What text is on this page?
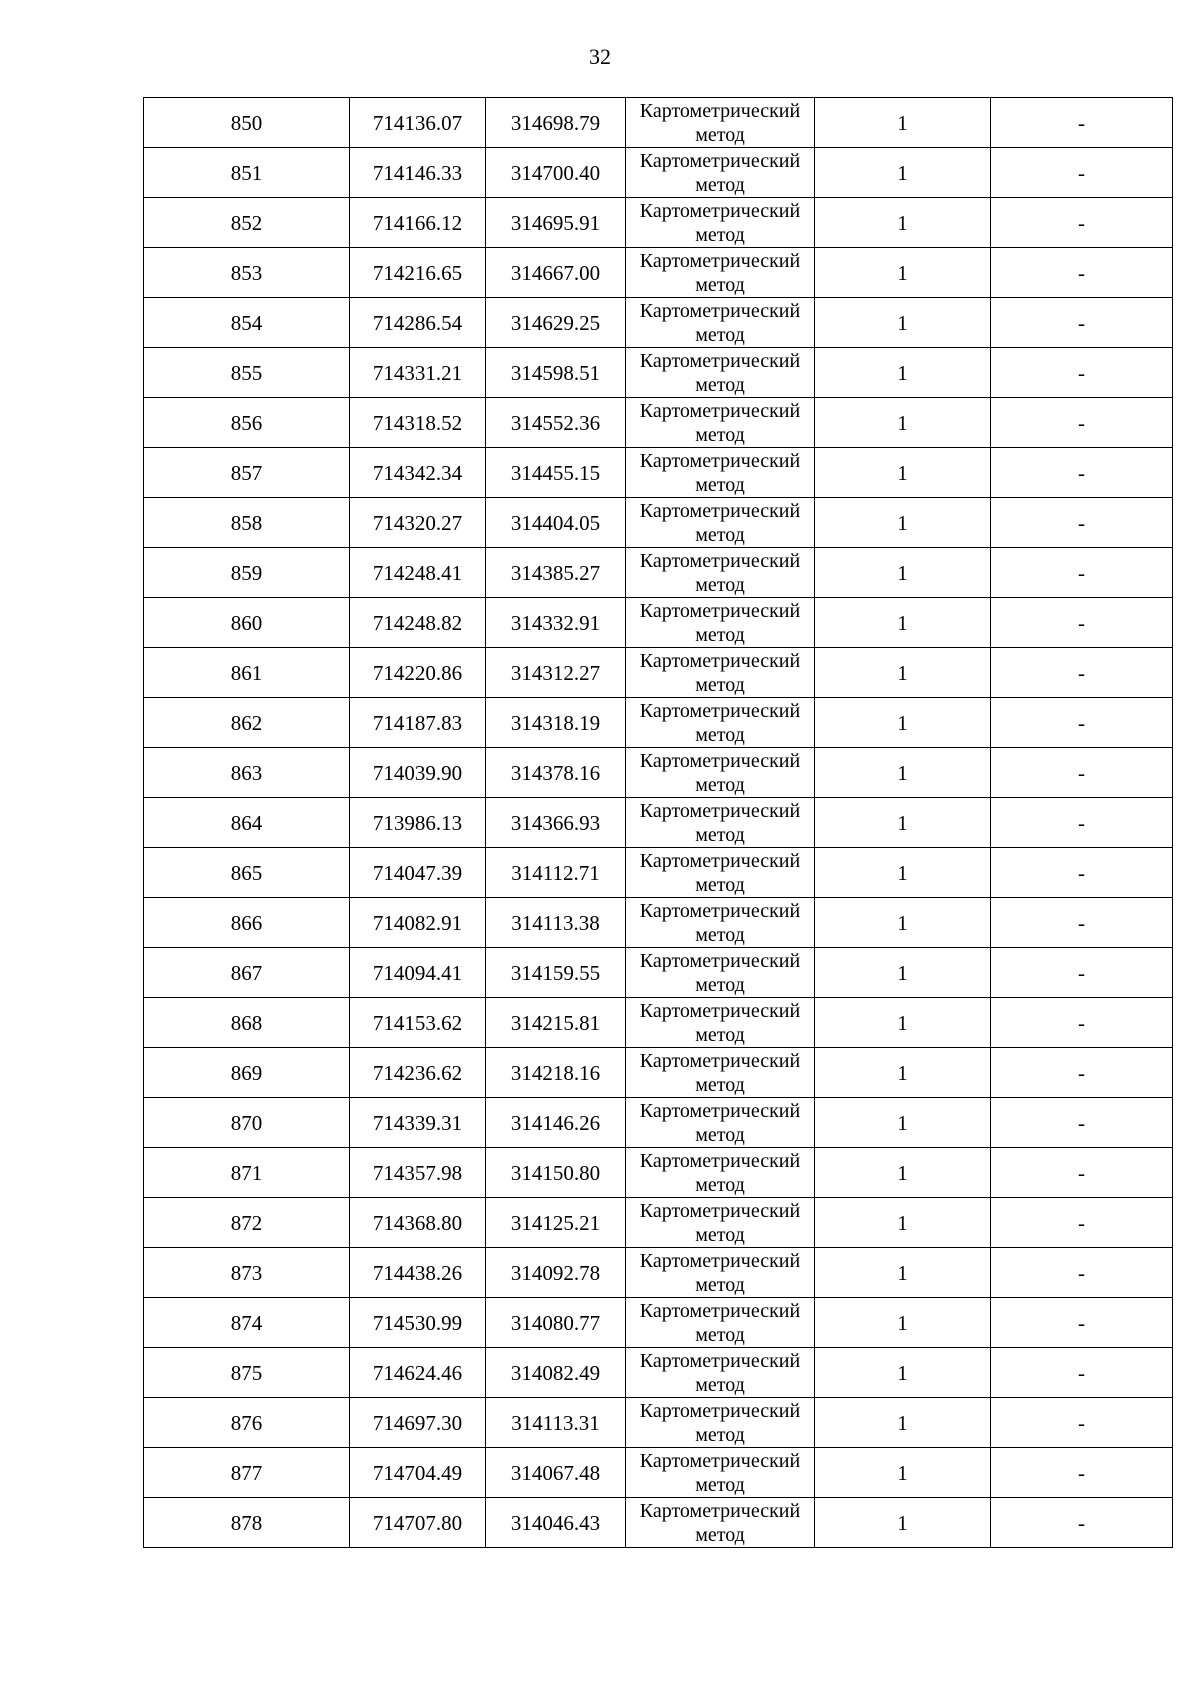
32
850	714136.07	314698.79	Картометрический метод	1	-
851	714146.33	314700.40	Картометрический метод	1	-
852	714166.12	314695.91	Картометрический метод	1	-
853	714216.65	314667.00	Картометрический метод	1	-
854	714286.54	314629.25	Картометрический метод	1	-
855	714331.21	314598.51	Картометрический метод	1	-
856	714318.52	314552.36	Картометрический метод	1	-
857	714342.34	314455.15	Картометрический метод	1	-
858	714320.27	314404.05	Картометрический метод	1	-
859	714248.41	314385.27	Картометрический метод	1	-
860	714248.82	314332.91	Картометрический метод	1	-
861	714220.86	314312.27	Картометрический метод	1	-
862	714187.83	314318.19	Картометрический метод	1	-
863	714039.90	314378.16	Картометрический метод	1	-
864	713986.13	314366.93	Картометрический метод	1	-
865	714047.39	314112.71	Картометрический метод	1	-
866	714082.91	314113.38	Картометрический метод	1	-
867	714094.41	314159.55	Картометрический метод	1	-
868	714153.62	314215.81	Картометрический метод	1	-
869	714236.62	314218.16	Картометрический метод	1	-
870	714339.31	314146.26	Картометрический метод	1	-
871	714357.98	314150.80	Картометрический метод	1	-
872	714368.80	314125.21	Картометрический метод	1	-
873	714438.26	314092.78	Картометрический метод	1	-
874	714530.99	314080.77	Картометрический метод	1	-
875	714624.46	314082.49	Картометрический метод	1	-
876	714697.30	314113.31	Картометрический метод	1	-
877	714704.49	314067.48	Картометрический метод	1	-
878	714707.80	314046.43	Картометрический метод	1	-
